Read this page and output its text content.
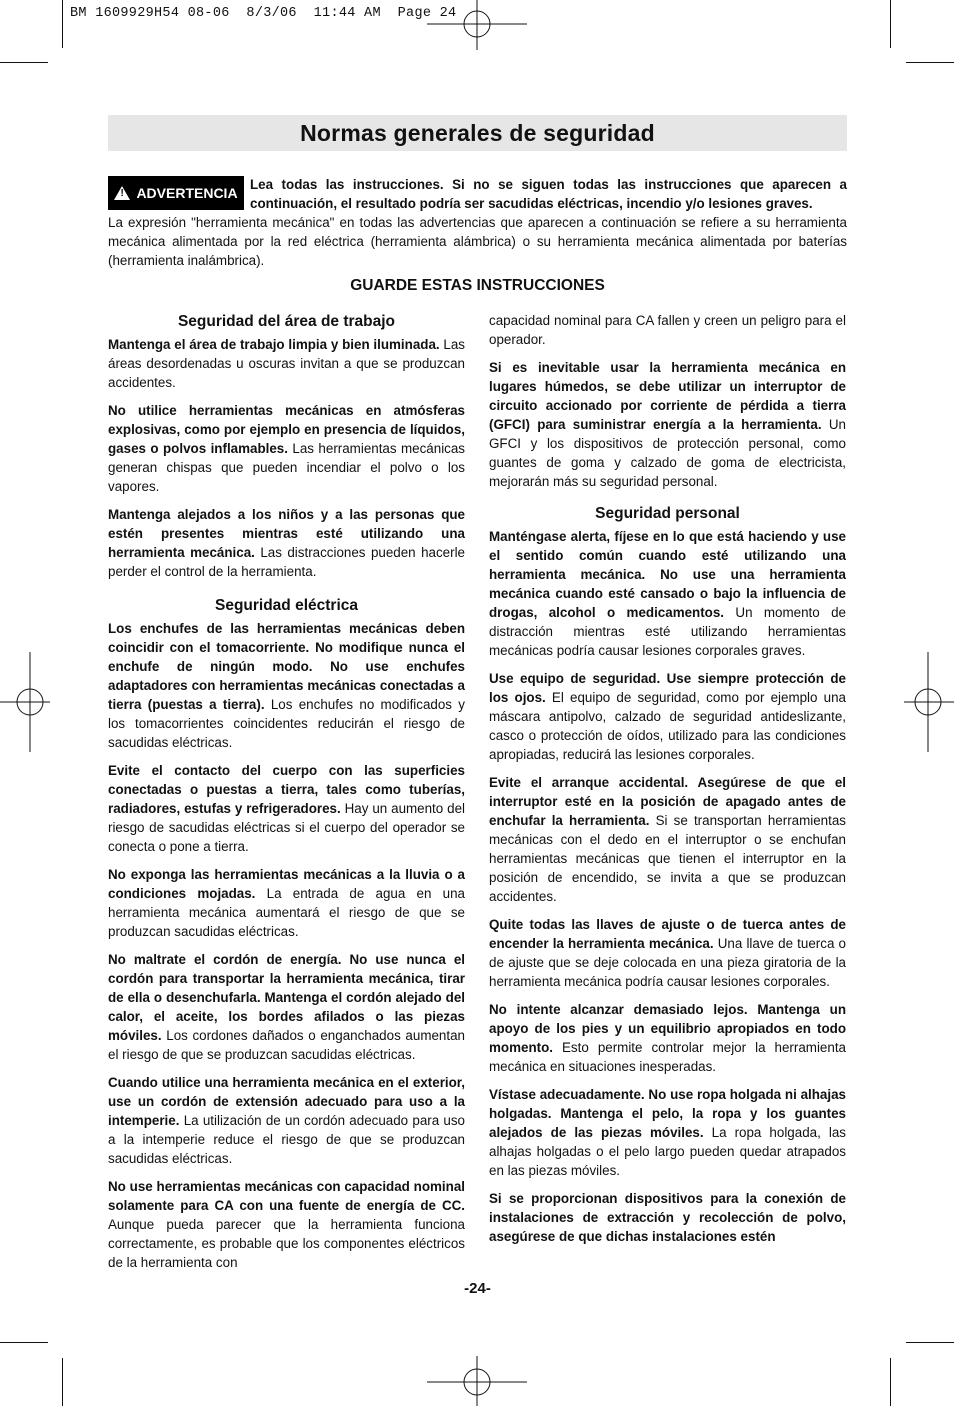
BM 1609929H54 08-06  8/3/06  11:44 AM  Page 24
Normas generales de seguridad
! ADVERTENCIA
Lea todas las instrucciones. Si no se siguen todas las instrucciones que aparecen a continuación, el resultado podría ser sacudidas eléctricas, incendio y/o lesiones graves.
La expresión "herramienta mecánica" en todas las advertencias que aparecen a continuación se refiere a su herramienta mecánica alimentada por la red eléctrica (herramienta alámbrica) o su herramienta mecánica alimentada por baterías (herramienta inalámbrica).
GUARDE ESTAS INSTRUCCIONES
Seguridad del área de trabajo

Mantenga el área de trabajo limpia y bien iluminada. Las áreas desordenadas u oscuras invitan a que se produzcan accidentes.

No utilice herramientas mecánicas en atmósferas explosivas, como por ejemplo en presencia de líquidos, gases o polvos inflamables. Las herramientas mecánicas generan chispas que pueden incendiar el polvo o los vapores.

Mantenga alejados a los niños y a las personas que estén presentes mientras esté utilizando una herramienta mecánica. Las distracciones pueden hacerle perder el control de la herramienta.

Seguridad eléctrica

Los enchufes de las herramientas mecánicas deben coincidir con el tomacorriente. No modifique nunca el enchufe de ningún modo. No use enchufes adaptadores con herramientas mecánicas conectadas a tierra (puestas a tierra). Los enchufes no modificados y los tomacorrientes coincidentes reducirán el riesgo de sacudidas eléctricas.

Evite el contacto del cuerpo con las superficies conectadas o puestas a tierra, tales como tuberías, radiadores, estufas y refrigeradores. Hay un aumento del riesgo de sacudidas eléctricas si el cuerpo del operador se conecta o pone a tierra.

No exponga las herramientas mecánicas a la lluvia o a condiciones mojadas. La entrada de agua en una herramienta mecánica aumentará el riesgo de que se produzcan sacudidas eléctricas.

No maltrate el cordón de energía. No use nunca el cordón para transportar la herramienta mecánica, tirar de ella o desenchufarla. Mantenga el cordón alejado del calor, el aceite, los bordes afilados o las piezas móviles. Los cordones dañados o enganchados aumentan el riesgo de que se produzcan sacudidas eléctricas.

Cuando utilice una herramienta mecánica en el exterior, use un cordón de extensión adecuado para uso a la intemperie. La utilización de un cordón adecuado para uso a la intemperie reduce el riesgo de que se produzcan sacudidas eléctricas.

No use herramientas mecánicas con capacidad nominal solamente para CA con una fuente de energía de CC. Aunque pueda parecer que la herramienta funciona correctamente, es probable que los componentes eléctricos de la herramienta con

capacidad nominal para CA fallen y creen un peligro para el operador.

Si es inevitable usar la herramienta mecánica en lugares húmedos, se debe utilizar un interruptor de circuito accionado por corriente de pérdida a tierra (GFCI) para suministrar energía a la herramienta. Un GFCI y los dispositivos de protección personal, como guantes de goma y calzado de goma de electricista, mejorarán más su seguridad personal.

Seguridad personal

Manténgase alerta, fíjese en lo que está haciendo y use el sentido común cuando esté utilizando una herramienta mecánica. No use una herramienta mecánica cuando esté cansado o bajo la influencia de drogas, alcohol o medicamentos. Un momento de distracción mientras esté utilizando herramientas mecánicas podría causar lesiones corporales graves.

Use equipo de seguridad. Use siempre protección de los ojos. El equipo de seguridad, como por ejemplo una máscara antipolvo, calzado de seguridad antideslizante, casco o protección de oídos, utilizado para las condiciones apropiadas, reducirá las lesiones corporales.

Evite el arranque accidental. Asegúrese de que el interruptor esté en la posición de apagado antes de enchufar la herramienta. Si se transportan herramientas mecánicas con el dedo en el interruptor o se enchufan herramientas mecánicas que tienen el interruptor en la posición de encendido, se invita a que se produzcan accidentes.

Quite todas las llaves de ajuste o de tuerca antes de encender la herramienta mecánica. Una llave de tuerca o de ajuste que se deje colocada en una pieza giratoria de la herramienta mecánica podría causar lesiones corporales.

No intente alcanzar demasiado lejos. Mantenga un apoyo de los pies y un equilibrio apropiados en todo momento. Esto permite controlar mejor la herramienta mecánica en situaciones inesperadas.

Vístase adecuadamente. No use ropa holgada ni alhajas holgadas. Mantenga el pelo, la ropa y los guantes alejados de las piezas móviles. La ropa holgada, las alhajas holgadas o el pelo largo pueden quedar atrapados en las piezas móviles.

Si se proporcionan dispositivos para la conexión de instalaciones de extracción y recolección de polvo, asegúrese de que dichas instalaciones estén

-24-
